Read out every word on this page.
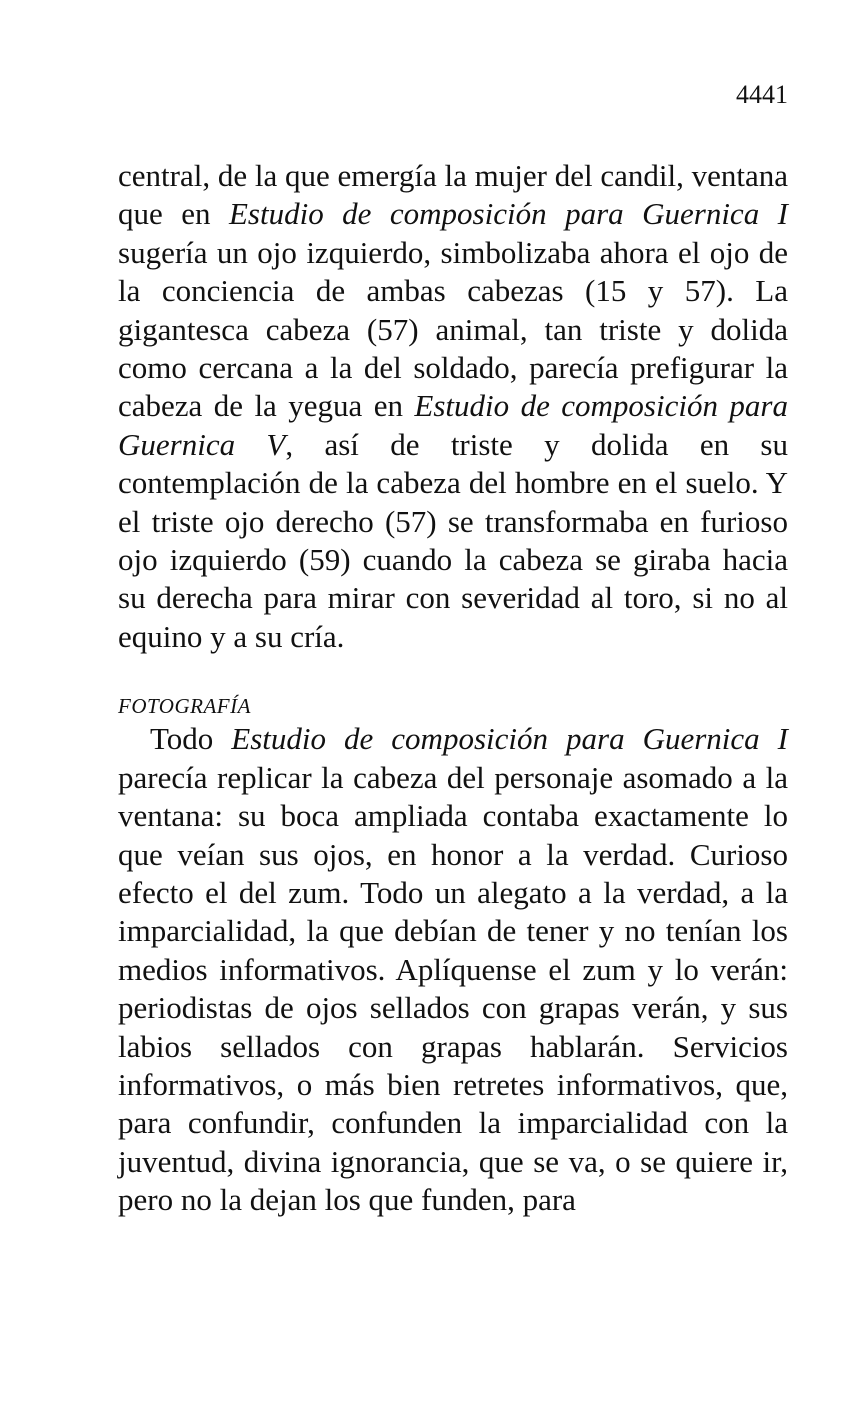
4441

central, de la que emergía la mujer del candil, ventana que en Estudio de composición para Guernica I sugería un ojo izquierdo, simbolizaba ahora el ojo de la conciencia de ambas cabezas (15 y 57). La gigantesca cabeza (57) animal, tan triste y dolida como cercana a la del soldado, parecía prefigurar la cabeza de la yegua en Estudio de composición para Guernica V, así de triste y dolida en su contemplación de la cabeza del hombre en el suelo. Y el triste ojo derecho (57) se transformaba en furioso ojo izquierdo (59) cuando la cabeza se giraba hacia su derecha para mirar con severidad al toro, si no al equino y a su cría.

FOTOGRAFÍA

Todo Estudio de composición para Guernica I parecía replicar la cabeza del personaje asomado a la ventana: su boca ampliada contaba exactamente lo que veían sus ojos, en honor a la verdad. Curioso efecto el del zum. Todo un alegato a la verdad, a la imparcialidad, la que debían de tener y no tenían los medios informativos. Aplíquense el zum y lo verán: periodistas de ojos sellados con grapas verán, y sus labios sellados con grapas hablarán. Servicios informativos, o más bien retretes informativos, que, para confundir, confunden la imparcialidad con la juventud, divina ignorancia, que se va, o se quiere ir, pero no la dejan los que funden, para
